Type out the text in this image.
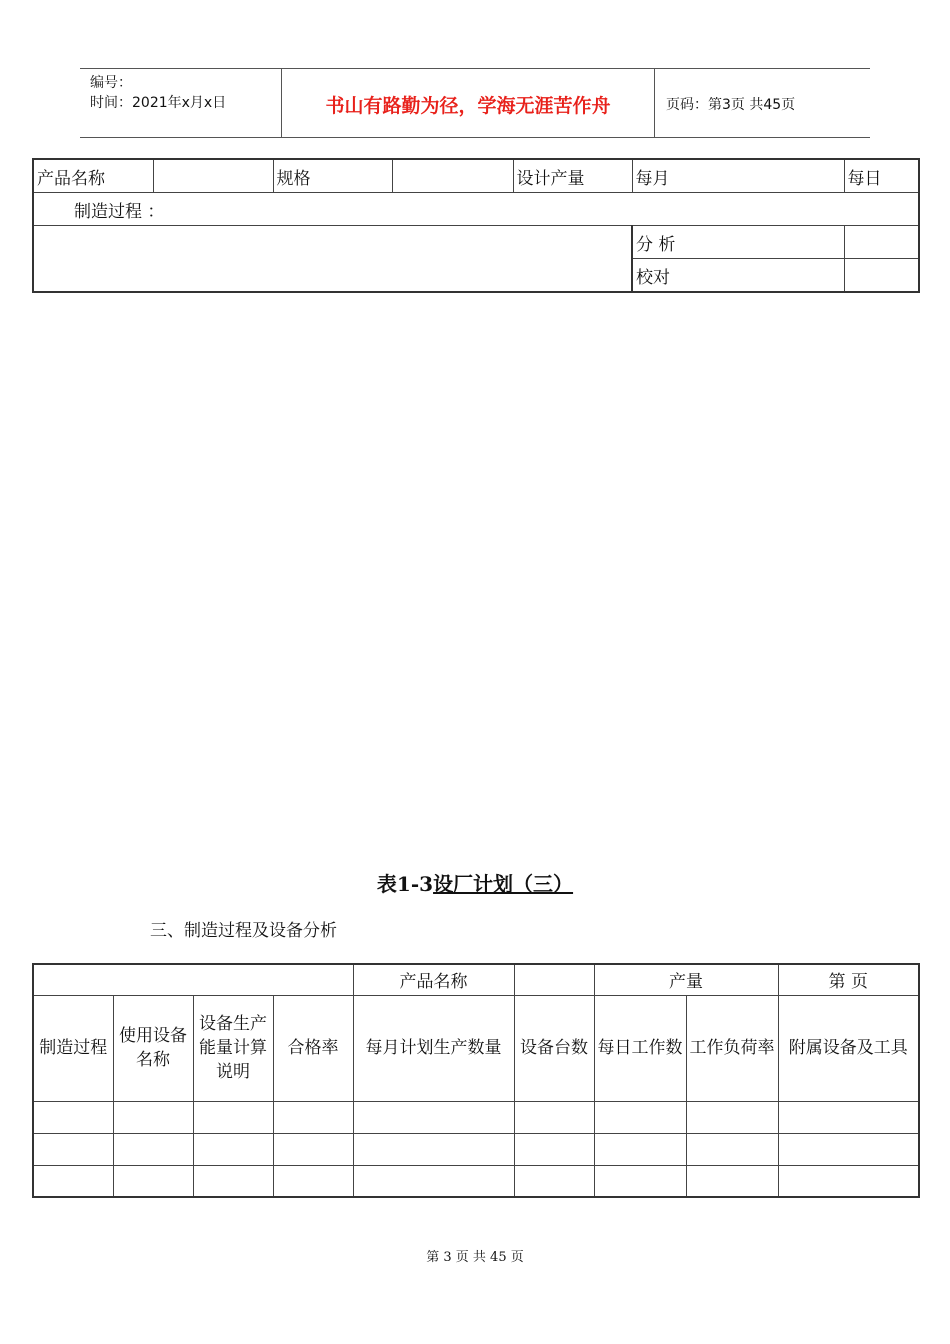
编号：
时间：2021年x月x日	书山有路勤为径，学海无涯苦作舟	页码：第3页 共45页
产品名称		规格		设计产量	每月	每日
制造过程 ：						
					分 析	
					校对	
表1-3设厂计划（三）
三、制造过程及设备分析
				产品名称		产量		第 页
制造过程	使用设备名称	设备生产能量计算说明	合格率	每月计划生产数量	设备台数	每日工作数	工作负荷率	附属设备及工具

第 3 页 共 45 页
